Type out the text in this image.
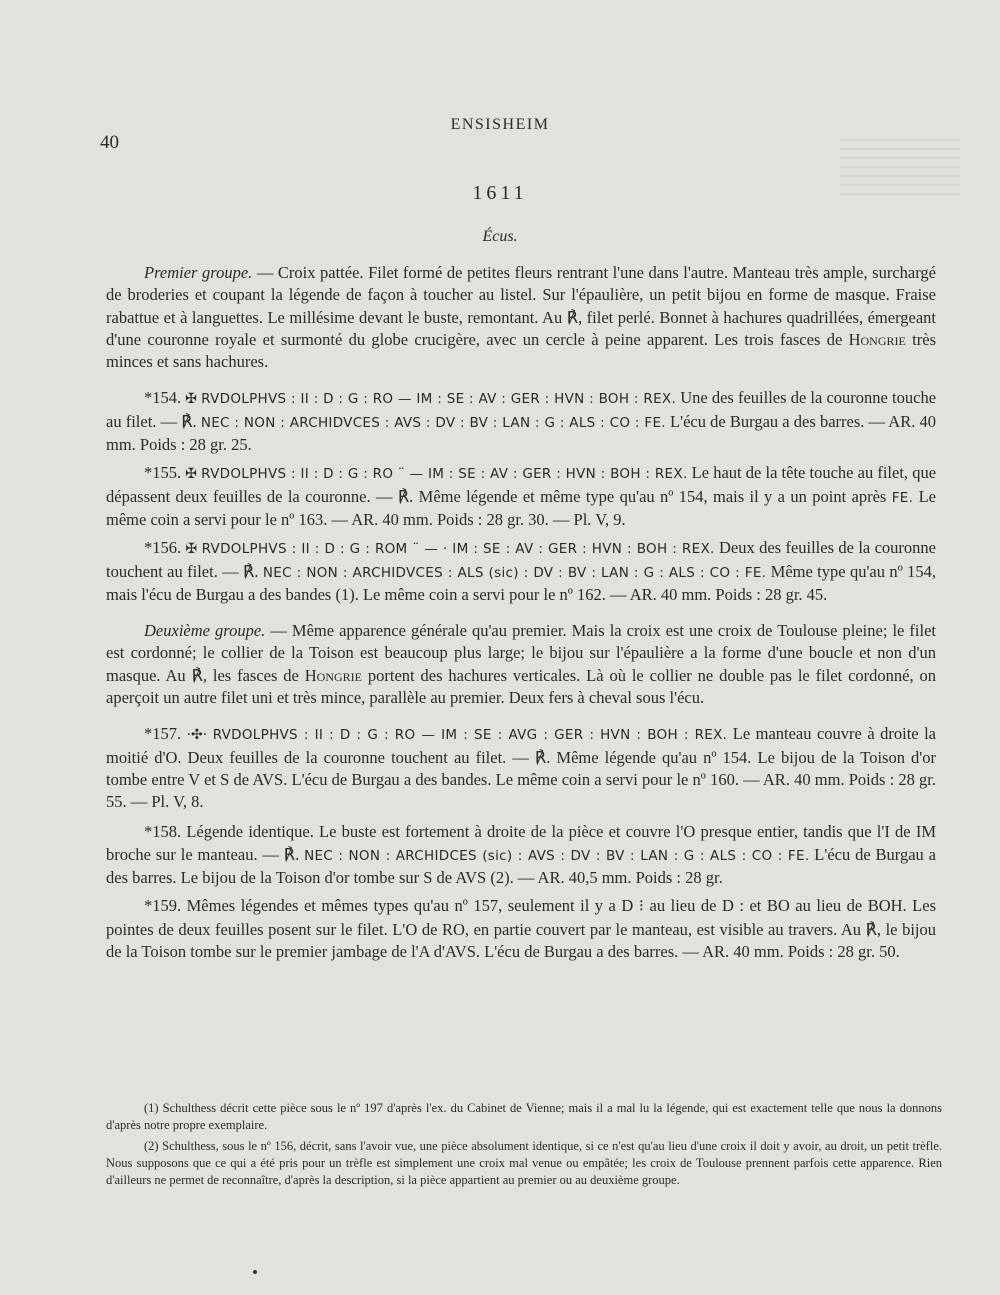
40
ENSISHEIM
1611
Écus.

Premier groupe. — Croix pattée. Filet formé de petites fleurs rentrant l'une dans l'autre. Manteau très ample, surchargé de broderies et coupant la légende de façon à toucher au listel. Sur l'épaulière, un petit bijou en forme de masque. Fraise rabattue et à languettes. Le millésime devant le buste, remontant. Au ℟, filet perlé. Bonnet à hachures quadrillées, émergeant d'une couronne royale et surmonté du globe crucigère, avec un cercle à peine apparent. Les trois fasces de Hongrie très minces et sans hachures.

*154. ✠ RVDOLPHVS : II : D : G : RO — IM : SE : AV : GER : HVN : BOH : REX. Une des feuilles de la couronne touche au filet. — ℟. NEC : NON : ARCHIDVCES : AVS : DV : BV : LAN : G : ALS : CO : FE. L'écu de Burgau a des barres. — AR. 40 mm. Poids : 28 gr. 25.

*155. ✠ RVDOLPHVS : II : D : G : RO ¨ — IM : SE : AV : GER : HVN : BOH : REX. Le haut de la tête touche au filet, que dépassent deux feuilles de la couronne. — ℟. Même légende et même type qu'au nº 154, mais il y a un point après FE. Le même coin a servi pour le nº 163. — AR. 40 mm. Poids : 28 gr. 30. — Pl. V, 9.

*156. ✠ RVDOLPHVS : II : D : G : ROM ¨ — · IM : SE : AV : GER : HVN : BOH : REX. Deux des feuilles de la couronne touchent au filet. — ℟. NEC : NON : ARCHIDVCES : ALS (sic) : DV : BV : LAN : G : ALS : CO : FE. Même type qu'au nº 154, mais l'écu de Burgau a des bandes (1). Le même coin a servi pour le nº 162. — AR. 40 mm. Poids : 28 gr. 45.

Deuxième groupe. — Même apparence générale qu'au premier. Mais la croix est une croix de Toulouse pleine; le filet est cordonné; le collier de la Toison est beaucoup plus large; le bijou sur l'épaulière a la forme d'une boucle et non d'un masque. Au ℟, les fasces de Hongrie portent des hachures verticales. Là où le collier ne double pas le filet cordonné, on aperçoit un autre filet uni et très mince, parallèle au premier. Deux fers à cheval sous l'écu.

*157. ·✣· RVDOLPHVS : II : D : G : RO — IM : SE : AVG : GER : HVN : BOH : REX. Le manteau couvre à droite la moitié d'O. Deux feuilles de la couronne touchent au filet. — ℟. Même légende qu'au nº 154. Le bijou de la Toison d'or tombe entre V et S de AVS. L'écu de Burgau a des bandes. Le même coin a servi pour le nº 160. — AR. 40 mm. Poids : 28 gr. 55. — Pl. V, 8.

*158. Légende identique. Le buste est fortement à droite de la pièce et couvre l'O presque entier, tandis que l'I de IM broche sur le manteau. — ℟. NEC : NON : ARCHIDCES (sic) : AVS : DV : BV : LAN : G : ALS : CO : FE. L'écu de Burgau a des barres. Le bijou de la Toison d'or tombe sur S de AVS (2). — AR. 40,5 mm. Poids : 28 gr.

*159. Mêmes légendes et mêmes types qu'au nº 157, seulement il y a D ⁝ au lieu de D : et BO au lieu de BOH. Les pointes de deux feuilles posent sur le filet. L'O de RO, en partie couvert par le manteau, est visible au travers. Au ℟, le bijou de la Toison tombe sur le premier jambage de l'A d'AVS. L'écu de Burgau a des barres. — AR. 40 mm. Poids : 28 gr. 50.

(1) Schulthess décrit cette pièce sous le nº 197 d'après l'ex. du Cabinet de Vienne; mais il a mal lu la légende, qui est exactement telle que nous la donnons d'après notre propre exemplaire.

(2) Schulthess, sous le nº 156, décrit, sans l'avoir vue, une pièce absolument identique, si ce n'est qu'au lieu d'une croix il doit y avoir, au droit, un petit trèfle. Nous supposons que ce qui a été pris pour un trèfle est simplement une croix mal venue ou empâtée; les croix de Toulouse prennent parfois cette apparence. Rien d'ailleurs ne permet de reconnaître, d'après la description, si la pièce appartient au premier ou au deuxième groupe.
